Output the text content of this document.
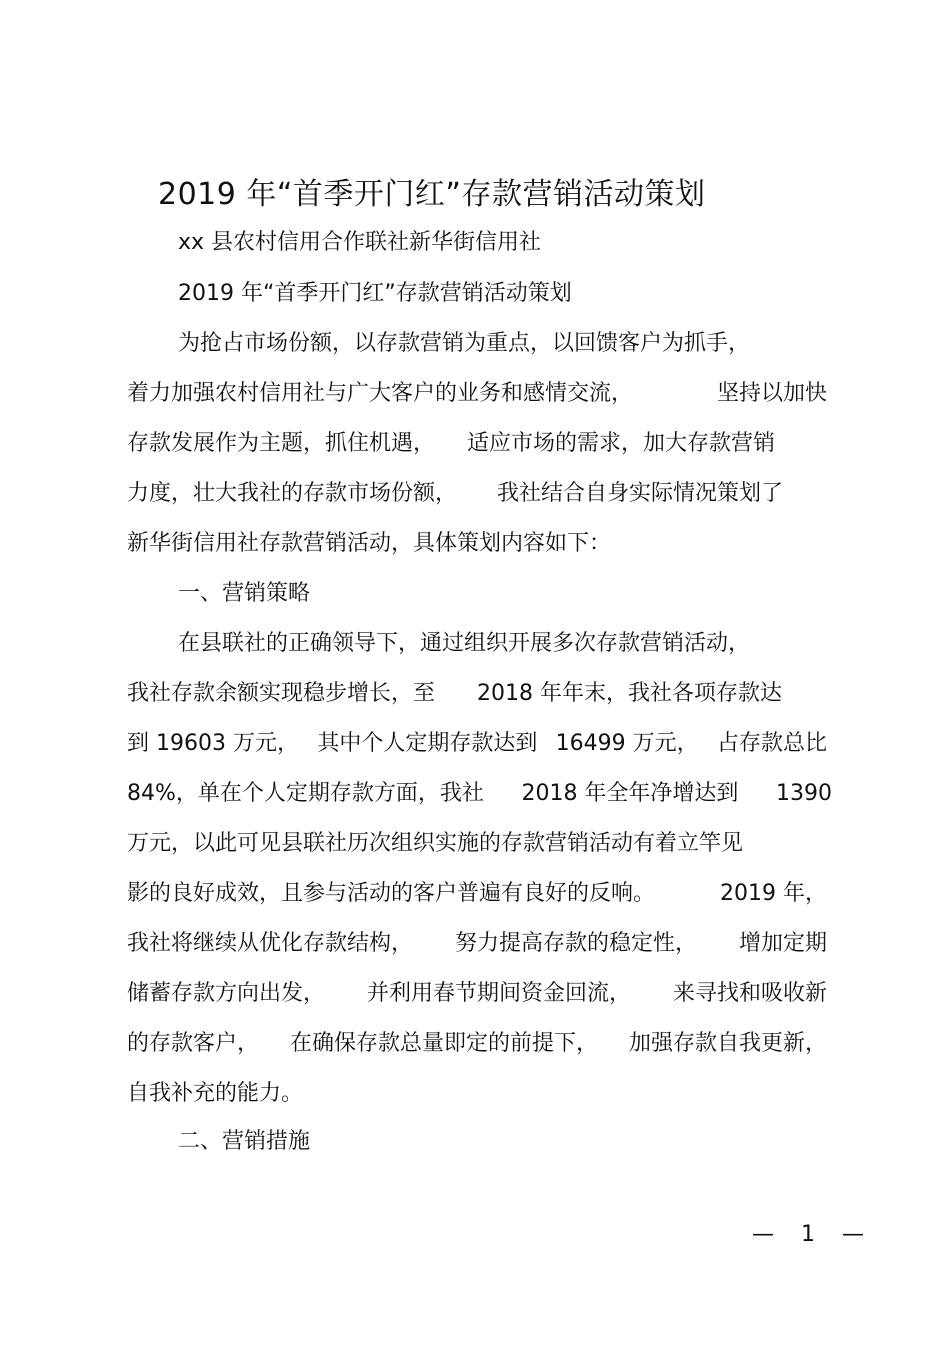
2019 年“首季开门红”存款营销活动策划
xx 县农村信用合作联社新华街信用社
2019 年“首季开门红”存款营销活动策划
为抢占市场份额，以存款营销为重点，以回馈客户为抓手，
着力加强农村信用社与广大客户的业务和感情交流，	坚持以加快
存款发展作为主题，抓住机遇， 适应市场的需求，加大存款营销
力度，壮大我社的存款市场份额， 我社结合自身实际情况策划了
新华街信用社存款营销活动，具体策划内容如下：
一、营销策略
在县联社的正确领导下，通过组织开展多次存款营销活动，
我社存款余额实现稳步增长，至 2018 年年末，我社各项存款达
到 19603 万元， 其中个人定期存款达到 16499 万元， 占存款总比
84%，单在个人定期存款方面，我社 2018 年全年净增达到 1390
万元，以此可见县联社历次组织实施的存款营销活动有着立竿见
影的良好成效，且参与活动的客户普遍有良好的反响。	2019 年，
我社将继续从优化存款结构， 努力提高存款的稳定性， 增加定期
储蓄存款方向出发， 并利用春节期间资金回流， 来寻找和吸收新
的存款客户， 在确保存款总量即定的前提下， 加强存款自我更新，
自我补充的能力。
二、营销措施
— 1 —
